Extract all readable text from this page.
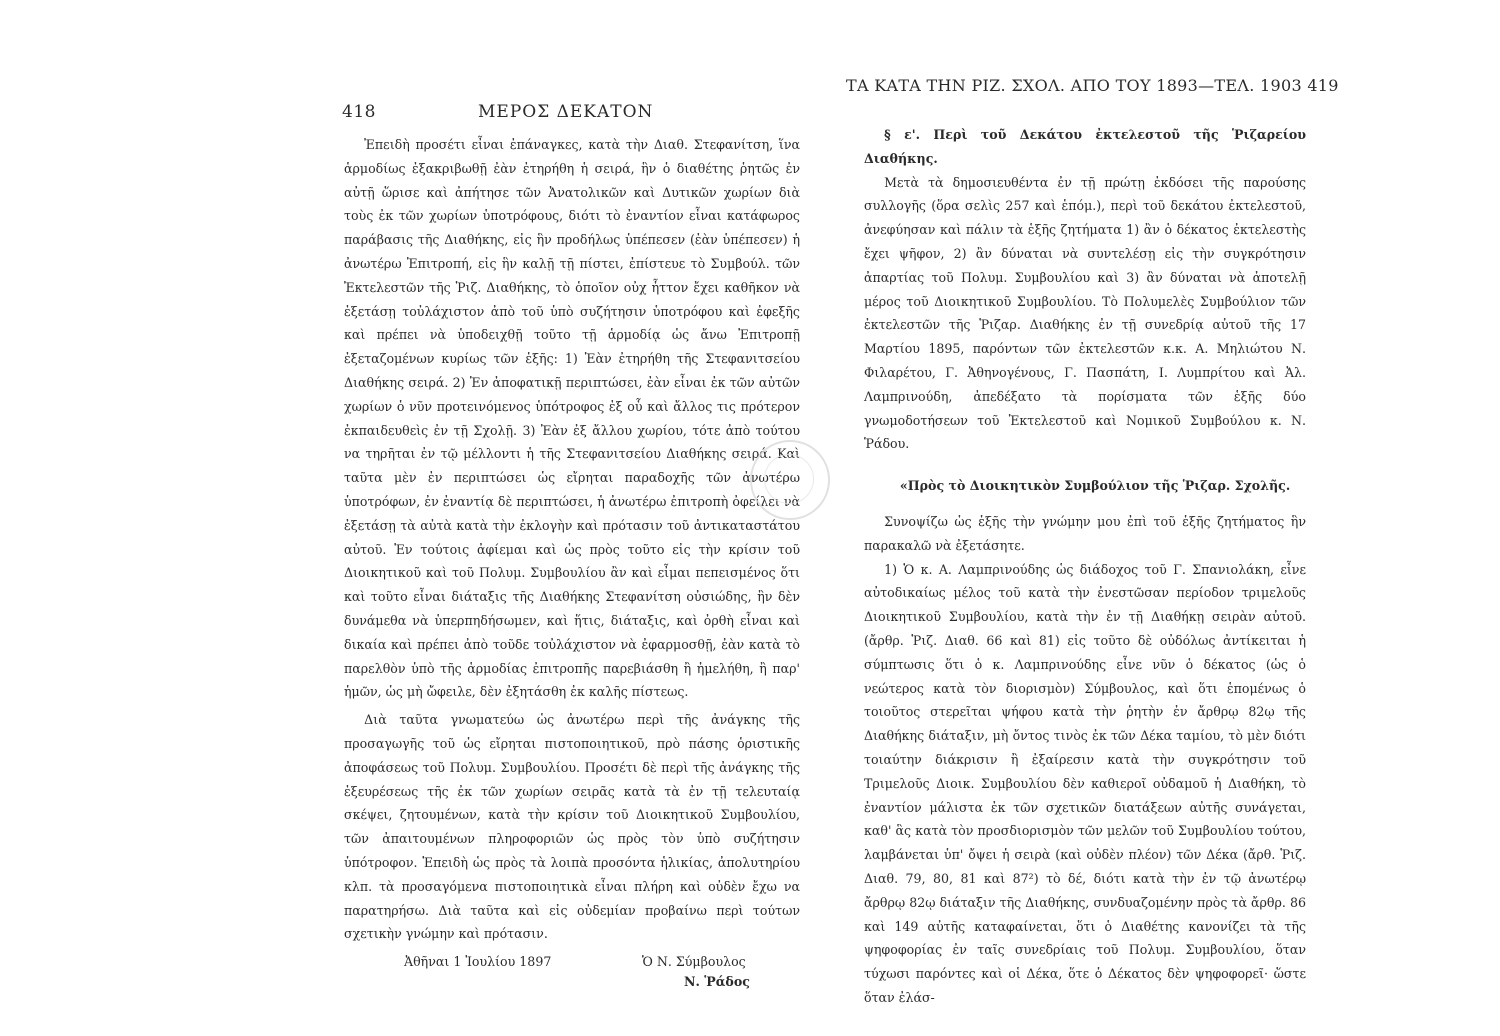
418	ΜΕΡΟΣ ΔΕΚΑΤΟΝ

Ἐπειδὴ προσέτι εἶναι ἐπάναγκες, κατὰ τὴν Διαθ. Στεφανίτση, ἵνα ἁρμοδίως ἐξακριβωθῇ ἐὰν ἐτηρήθη ἡ σειρά, ἣν ὁ διαθέτης ῥητῶς ἐν αὐτῇ ὥρισε καὶ ἀπήτησε τῶν Ἀνατολικῶν καὶ Δυτικῶν χωρίων διὰ τοὺς ἐκ τῶν χωρίων ὑποτρόφους, διότι τὸ ἐναντίον εἶναι κατάφωρος παράβασις τῆς Διαθήκης, εἰς ἣν προδήλως ὑπέπεσεν (ἐὰν ὑπέπεσεν) ἡ ἀνωτέρω Ἐπιτροπή, εἰς ἣν καλῇ τῇ πίστει, ἐπίστευε τὸ Συμβούλ. τῶν Ἐκτελεστῶν τῆς Ῥιζ. Διαθήκης, τὸ ὁποῖον οὐχ ἧττον ἔχει καθῆκον νὰ ἐξετάσῃ τοὐλάχιστον ἀπὸ τοῦ ὑπὸ συζήτησιν ὑποτρόφου καὶ ἐφεξῆς καὶ πρέπει νὰ ὑποδειχθῇ τοῦτο τῇ ἁρμοδίᾳ ὡς ἄνω Ἐπιτροπῇ ἐξεταζομένων κυρίως τῶν ἑξῆς: 1) Ἐὰν ἐτηρήθη τῆς Στεφανιτσείου Διαθήκης σειρά. 2) Ἐν ἀποφατικῇ περιπτώσει, ἐὰν εἶναι ἐκ τῶν αὐτῶν χωρίων ὁ νῦν προτεινόμενος ὑπότροφος ἐξ οὗ καὶ ἄλλος τις πρότερον ἐκπαιδευθεὶς ἐν τῇ Σχολῇ. 3) Ἐὰν ἐξ ἄλλου χωρίου, τότε ἀπὸ τούτου να τηρῆται ἐν τῷ μέλλοντι ἡ τῆς Στεφανιτσείου Διαθήκης σειρά. Καὶ ταῦτα μὲν ἐν περιπτώσει ὡς εἴρηται παραδοχῆς τῶν ἀνωτέρω ὑποτρόφων, ἐν ἐναντίᾳ δὲ περιπτώσει, ἡ ἀνωτέρω ἐπιτροπὴ ὀφείλει νὰ ἐξετάσῃ τὰ αὐτὰ κατὰ τὴν ἐκλογὴν καὶ πρότασιν τοῦ ἀντικαταστάτου αὐτοῦ. Ἐν τούτοις ἀφίεμαι καὶ ὡς πρὸς τοῦτο εἰς τὴν κρίσιν τοῦ Διοικητικοῦ καὶ τοῦ Πολυμ. Συμβουλίου ἂν καὶ εἶμαι πεπεισμένος ὅτι καὶ τοῦτο εἶναι διάταξις τῆς Διαθήκης Στεφανίτση οὐσιώδης, ἣν δὲν δυνάμεθα νὰ ὑπερπηδήσωμεν, καὶ ἥτις, διάταξις, καὶ ὀρθὴ εἶναι καὶ δικαία καὶ πρέπει ἀπὸ τοῦδε τοὐλάχιστον νὰ ἐφαρμοσθῇ, ἐὰν κατὰ τὸ παρελθὸν ὑπὸ τῆς ἁρμοδίας ἐπιτροπῆς παρεβιάσθη ἢ ἠμελήθη, ἢ παρ' ἡμῶν, ὡς μὴ ὤφειλε, δὲν ἐξητάσθη ἐκ καλῆς πίστεως.

Διὰ ταῦτα γνωματεύω ὡς ἀνωτέρω περὶ τῆς ἀνάγκης τῆς προσαγωγῆς τοῦ ὡς εἴρηται πιστοποιητικοῦ, πρὸ πάσης ὁριστικῆς ἀποφάσεως τοῦ Πολυμ. Συμβουλίου. Προσέτι δὲ περὶ τῆς ἀνάγκης τῆς ἐξευρέσεως τῆς ἐκ τῶν χωρίων σειρᾶς κατὰ τὰ ἐν τῇ τελευταίᾳ σκέψει, ζητουμένων, κατὰ τὴν κρίσιν τοῦ Διοικητικοῦ Συμβουλίου, τῶν ἀπαιτουμένων πληροφοριῶν ὡς πρὸς τὸν ὑπὸ συζήτησιν ὑπότροφον. Ἐπειδὴ ὡς πρὸς τὰ λοιπὰ προσόντα ἡλικίας, ἀπολυτηρίου κλπ. τὰ προσαγόμενα πιστοποιητικὰ εἶναι πλήρη καὶ οὐδὲν ἔχω να παρατηρήσω. Διὰ ταῦτα καὶ εἰς οὐδεμίαν προβαίνω περὶ τούτων σχετικὴν γνώμην καὶ πρότασιν.

Ἀθῆναι 1 Ἰουλίου 1897	Ὁ Ν. Σύμβουλος
Ν. Ῥάδος
ΤΑ ΚΑΤΑ ΤΗΝ ΡΙΖ. ΣΧΟΛ. ΑΠΟ ΤΟΥ 1893—ΤΕΛ. 1903 419

§ ε'. Περὶ τοῦ Δεκάτου ἐκτελεστοῦ τῆς Ῥιζαρείου Διαθήκης.

Μετὰ τὰ δημοσιευθέντα ἐν τῇ πρώτῃ ἐκδόσει τῆς παρούσης συλλογῆς (ὅρα σελὶς 257 καὶ ἑπόμ.), περὶ τοῦ δεκάτου ἐκτελεστοῦ, ἀνεφύησαν καὶ πάλιν τὰ ἑξῆς ζητήματα 1) ἂν ὁ δέκατος ἐκτελεστὴς ἔχει ψῆφον, 2) ἂν δύναται νὰ συντελέσῃ εἰς τὴν συγκρότησιν ἀπαρτίας τοῦ Πολυμ. Συμβουλίου καὶ 3) ἂν δύναται νὰ ἀποτελῇ μέρος τοῦ Διοικητικοῦ Συμβουλίου. Τὸ Πολυμελὲς Συμβούλιον τῶν ἐκτελεστῶν τῆς Ῥιζαρ. Διαθήκης ἐν τῇ συνεδρίᾳ αὐτοῦ τῆς 17 Μαρτίου 1895, παρόντων τῶν ἐκτελεστῶν κ.κ. Α. Μηλιώτου Ν. Φιλαρέτου, Γ. Ἀθηνογένους, Γ. Πασπάτη, Ι. Λυμπρίτου καὶ Ἀλ. Λαμπρινούδη, ἀπεδέξατο τὰ πορίσματα τῶν ἑξῆς δύο γνωμοδοτήσεων τοῦ Ἐκτελεστοῦ καὶ Νομικοῦ Συμβούλου κ. Ν. Ῥάδου.

«Πρὸς τὸ Διοικητικὸν Συμβούλιον τῆς Ῥιζαρ. Σχολῆς.

Συνοψίζω ὡς ἑξῆς τὴν γνώμην μου ἐπὶ τοῦ ἑξῆς ζητήματος ἣν παρακαλῶ νὰ ἐξετάσητε.

1) Ὁ κ. Α. Λαμπρινούδης ὡς διάδοχος τοῦ Γ. Σπανιολάκη, εἶνε αὐτοδικαίως μέλος τοῦ κατὰ τὴν ἐνεστῶσαν περίοδον τριμελοῦς Διοικητικοῦ Συμβουλίου, κατὰ τὴν ἐν τῇ Διαθήκῃ σειρὰν αὐτοῦ. (ἄρθρ. Ῥιζ. Διαθ. 66 καὶ 81) εἰς τοῦτο δὲ οὐδόλως ἀντίκειται ἡ σύμπτωσις ὅτι ὁ κ. Λαμπρινούδης εἶνε νῦν ὁ δέκατος (ὡς ὁ νεώτερος κατὰ τὸν διορισμὸν) Σύμβουλος, καὶ ὅτι ἑπομένως ὁ τοιοῦτος στερεῖται ψήφου κατὰ τὴν ῥητὴν ἐν ἄρθρῳ 82ῳ τῆς Διαθήκης διάταξιν, μὴ ὄντος τινὸς ἐκ τῶν Δέκα ταμίου, τὸ μὲν διότι τοιαύτην διάκρισιν ἢ ἐξαίρεσιν κατὰ τὴν συγκρότησιν τοῦ Τριμελοῦς Διοικ. Συμβουλίου δὲν καθιεροῖ οὐδαμοῦ ἡ Διαθήκη, τὸ ἐναντίον μάλιστα ἐκ τῶν σχετικῶν διατάξεων αὐτῆς συνάγεται, καθ' ἃς κατὰ τὸν προσδιορισμὸν τῶν μελῶν τοῦ Συμβουλίου τούτου, λαμβάνεται ὑπ' ὄψει ἡ σειρὰ (καὶ οὐδὲν πλέον) τῶν Δέκα (ἄρθ. Ῥιζ. Διαθ. 79, 80, 81 καὶ 87²) τὸ δέ, διότι κατὰ τὴν ἐν τῷ ἀνωτέρῳ ἄρθρῳ 82ῳ διάταξιν τῆς Διαθήκης, συνδυαζομένην πρὸς τὰ ἄρθρ. 86 καὶ 149 αὐτῆς καταφαίνεται, ὅτι ὁ Διαθέτης κανονίζει τὰ τῆς ψηφοφορίας ἐν ταῖς συνεδρίαις τοῦ Πολυμ. Συμβουλίου, ὅταν τύχωσι παρόντες καὶ οἱ Δέκα, ὅτε ὁ Δέκατος δὲν ψηφοφορεῖ· ὥστε ὅταν ἐλάσ-
